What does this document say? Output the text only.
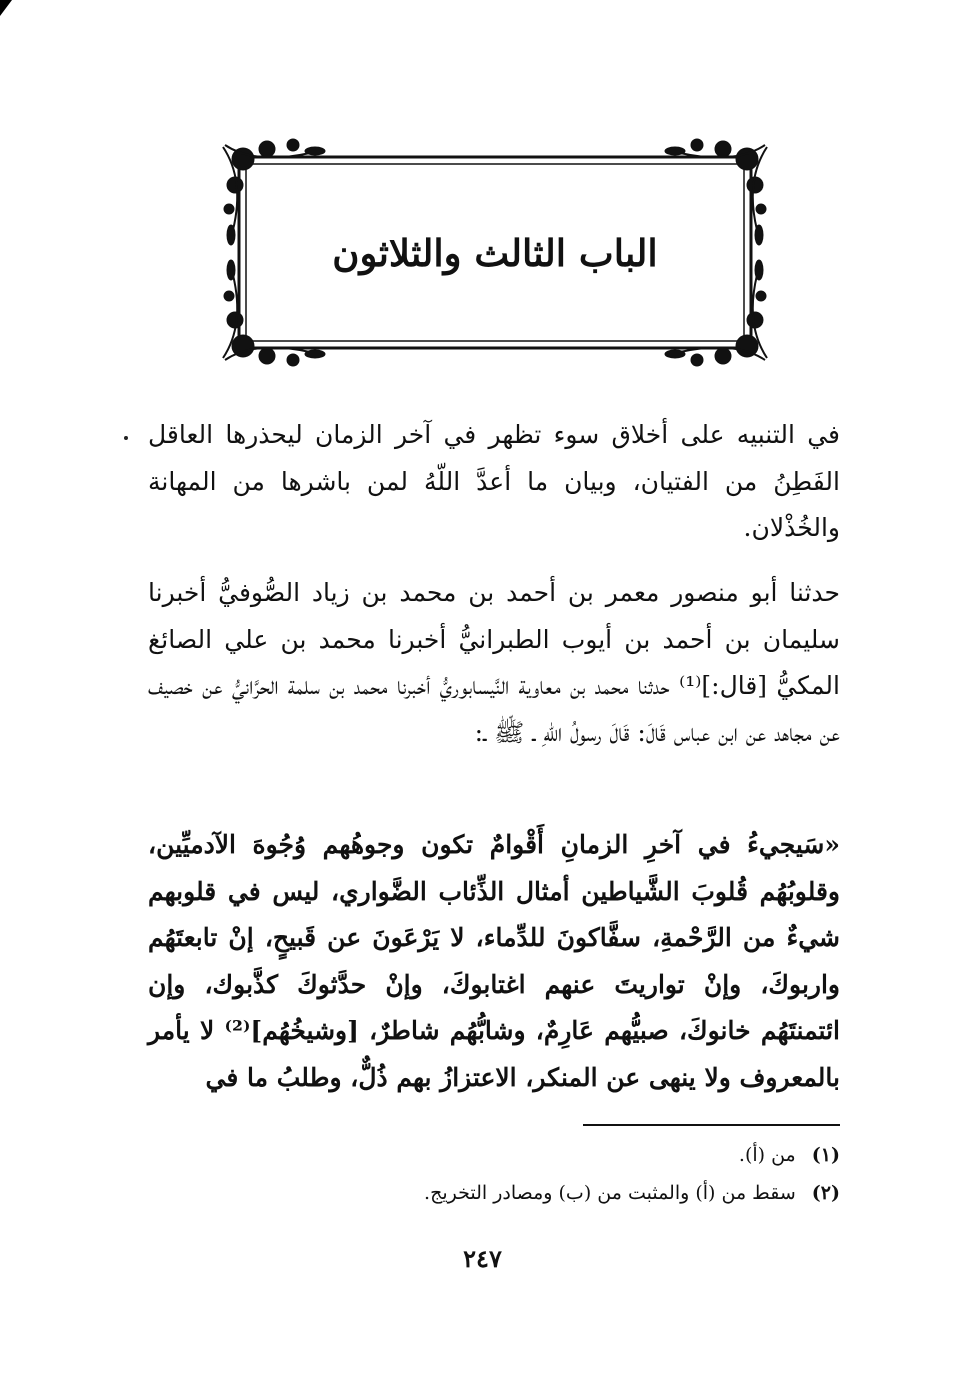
الباب الثالث والثلاثون

في التنبيه على أخلاق سوء تظهر في آخر الزمان ليحذرها العاقل الفَطِنُ من الفتيان، وبيان ما أعدَّ اللّهُ لمن باشرها من المهانة والخُذْلان.

حدثنا أبو منصور معمر بن أحمد بن محمد بن زياد الصُّوفيُّ أخبرنا سليمان بن أحمد بن أيوب الطبرانيُّ أخبرنا محمد بن علي الصائغ المكيُّ [قال:]⁽¹⁾ حدثنا محمد بن معاوية النَّيسابوريُّ أخبرنا محمد بن سلمة الحرَّانيُّ عن خصيف عن مجاهد عن ابن عباس قَالَ: قَالَ رسولُ اللّهِ ـ ﷺ ـ:

«سَيجيءُ في آخرِ الزمانِ أَقْوامٌ تكون وجوهُهم وُجُوهَ الآدميِّين، وقلوبُهُم قُلوبَ الشَّياطين أمثال الذِّئاب الضَّواري، ليس في قلوبهم شيءٌ من الرَّحْمةِ، سفَّاكونَ للدِّماء، لا يَرْعَونَ عن قَبيحٍ، إنْ تابعتَهُم واربوكَ، وإنْ تواريتَ عنهم اغتابوكَ، وإنْ حدَّثوكَ كذَّبوك، وإن ائتمنتَهُم خانوكَ، صبيُّهم عَارِمٌ، وشابُّهُم شاطرٌ، [وشيخُهُم]⁽²⁾ لا يأمر بالمعروف ولا ينهى عن المنكر، الاعتزازُ بهم ذُلٌّ، وطلبُ ما في

(١) من (أ).

(٢) سقط من (أ) والمثبت من (ب) ومصادر التخريج.

٢٤٧
